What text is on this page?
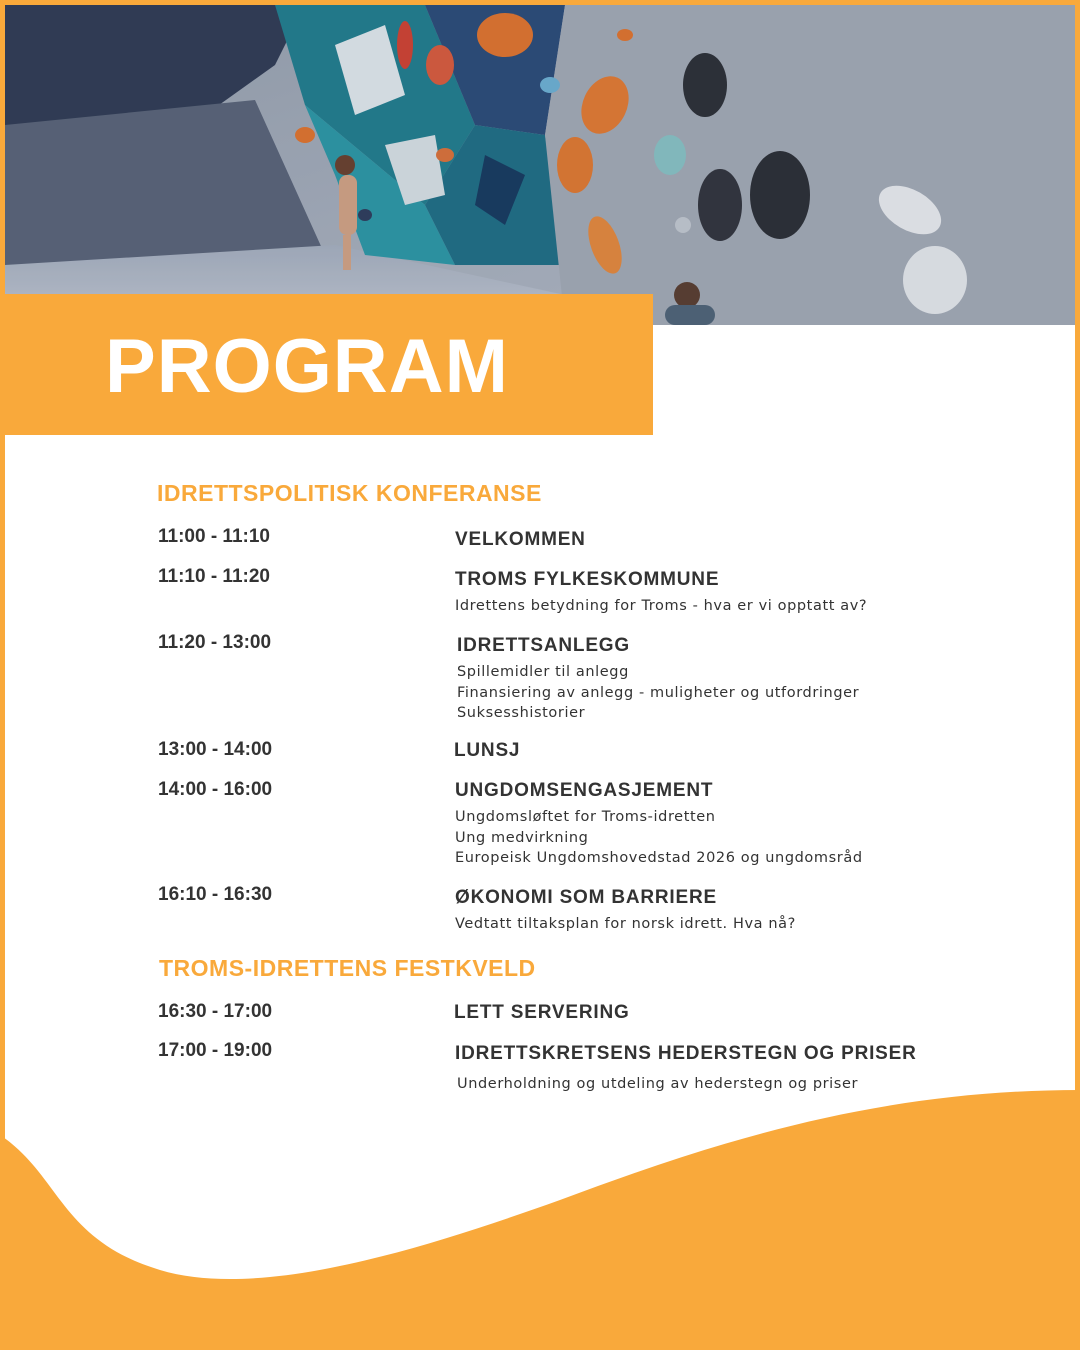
PROGRAM
IDRETTSPOLITISK KONFERANSE
11:00 - 11:10	VELKOMMEN
11:10 - 11:20	TROMS FYLKESKOMMUNE
Idrettens betydning for Troms - hva er vi opptatt av?
11:20 - 13:00	IDRETTSANLEGG
Spillemidler til anlegg
Finansiering av anlegg - muligheter og utfordringer
Suksesshistorier
13:00 - 14:00	LUNSJ
14:00 - 16:00	UNGDOMSENGASJEMENT
Ungdomsløftet for Troms-idretten
Ung medvirkning
Europeisk Ungdomshovedstad 2026 og ungdomsråd
16:10 - 16:30	ØKONOMI SOM BARRIERE
Vedtatt tiltaksplan for norsk idrett. Hva nå?
TROMS-IDRETTENS FESTKVELD
16:30 - 17:00	LETT SERVERING
17:00 - 19:00	IDRETTSKRETSENS HEDERSTEGN OG PRISER
Underholdning og utdeling av hederstegn og priser
